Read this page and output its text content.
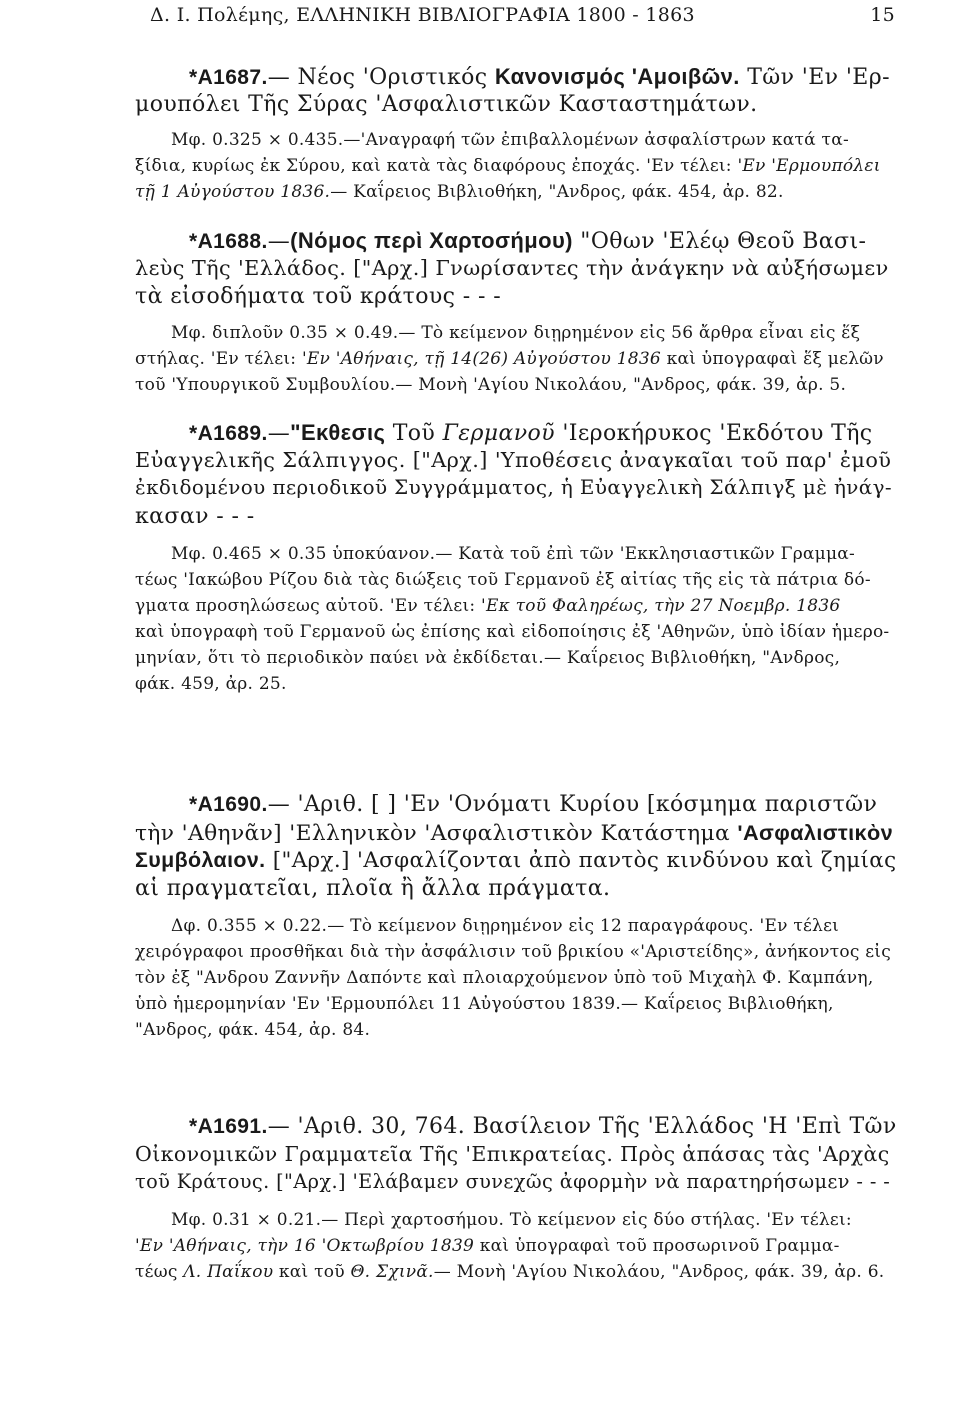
Δ. Ι. Πολέμης, ΕΛΛΗΝΙΚΗ ΒΙΒΛΙΟΓΡΑΦΙΑ 1800 - 1863	15
*Α1687.— Νέος 'Οριστικός Κανονισμός 'Αμοιβῶν. Τῶν 'Εν 'Ερ-
μουπόλει Τῆς Σύρας 'Ασφαλιστικῶν Κασταστημάτων.
Μφ. 0.325 × 0.435.—'Αναγραφή τῶν ἐπιβαλλομένων ἀσφαλίστρων κατά τα-
ξίδια, κυρίως ἐκ Σύρου, καὶ κατὰ τὰς διαφόρους ἐποχάς. 'Εν τέλει: 'Εν 'Ερμουπόλει
τῇ 1 Αὐγούστου 1836.— Καΐρειος Βιβλιοθήκη, "Ανδρος, φάκ. 454, ἀρ. 82.
*Α1688.—(Νόμος περὶ Χαρτοσήμου) "Οθων 'Ελέῳ Θεοῦ Βασι-
λεὺς Τῆς 'Ελλάδος. ["Αρχ.] Γνωρίσαντες τὴν ἀνάγκην νὰ αὐξήσωμεν
τὰ εἰσοδήματα τοῦ κράτους - - -
Μφ. διπλοῦν 0.35 × 0.49.— Τὸ κείμενον διῃρημένον εἰς 56 ἄρθρα εἶναι εἰς ἕξ
στήλας. 'Εν τέλει: 'Εν 'Αθήναις, τῇ 14(26) Αὐγούστου 1836 καὶ ὑπογραφαὶ ἕξ μελῶν
τοῦ 'Υπουργικοῦ Συμβουλίου.— Μονὴ 'Αγίου Νικολάου, "Ανδρος, φάκ. 39, ἀρ. 5.
*Α1689.—"Εκθεσις Τοῦ Γερμανοῦ 'Ιεροκήρυκος 'Εκδότου Τῆς
Εὐαγγελικῆς Σάλπιγγος. ["Αρχ.] 'Υποθέσεις ἀναγκαῖαι τοῦ παρ' ἐμοῦ
ἐκδιδομένου περιοδικοῦ Συγγράμματος, ἡ Εὐαγγελικὴ Σάλπιγξ μὲ ἠνάγ-
κασαν - - -
Μφ. 0.465 × 0.35 ὑποκύανον.— Κατὰ τοῦ ἐπὶ τῶν 'Εκκλησιαστικῶν Γραμμα-
τέως 'Ιακώβου Ρίζου διὰ τὰς διώξεις τοῦ Γερμανοῦ ἐξ αἰτίας τῆς εἰς τὰ πάτρια δό-
γματα προσηλώσεως αὐτοῦ. 'Εν τέλει: 'Εκ τοῦ Φαληρέως, τὴν 27 Νοεμβρ. 1836
καὶ ὑπογραφὴ τοῦ Γερμανοῦ ὡς ἐπίσης καὶ εἰδοποίησις ἐξ 'Αθηνῶν, ὑπὸ ἰδίαν ἡμερο-
μηνίαν, ὅτι τὸ περιοδικὸν παύει νὰ ἐκδίδεται.— Καΐρειος Βιβλιοθήκη, "Ανδρος,
φάκ. 459, ἀρ. 25.
*Α1690.— 'Αριθ. [ ] 'Εν 'Ονόματι Κυρίου [κόσμημα παριστῶν
τὴν 'Αθηνᾶν] 'Ελληνικὸν 'Ασφαλιστικὸν Κατάστημα 'Ασφαλιστικὸν
Συμβόλαιον. ["Αρχ.] 'Ασφαλίζονται ἀπὸ παντὸς κινδύνου καὶ ζημίας
αἱ πραγματεῖαι, πλοῖα ἢ ἄλλα πράγματα.
Δφ. 0.355 × 0.22.— Τὸ κείμενον διῃρημένον εἰς 12 παραγράφους. 'Εν τέλει
χειρόγραφοι προσθῆκαι διὰ τὴν ἀσφάλισιν τοῦ βρικίου «'Αριστείδης», ἀνήκοντος εἰς
τὸν ἐξ "Ανδρου Ζαννῆν Δαπόντε καὶ πλοιαρχούμενον ὑπὸ τοῦ Μιχαὴλ Φ. Καμπάνη,
ὑπὸ ἡμερομηνίαν 'Εν 'Ερμουπόλει 11 Αὐγούστου 1839.— Καΐρειος Βιβλιοθήκη,
"Ανδρος, φάκ. 454, ἀρ. 84.
*Α1691.— 'Αριθ. 30, 764. Βασίλειον Τῆς 'Ελλάδος 'Η 'Επὶ Τῶν
Οἰκονομικῶν Γραμματεῖα Τῆς 'Επικρατείας. Πρὸς ἁπάσας τὰς 'Αρχὰς
τοῦ Κράτους. ["Αρχ.] 'Ελάβαμεν συνεχῶς ἀφορμὴν νὰ παρατηρήσωμεν - - -
Μφ. 0.31 × 0.21.— Περὶ χαρτοσήμου. Τὸ κείμενον εἰς δύο στήλας. 'Εν τέλει:
'Εν 'Αθήναις, τὴν 16 'Οκτωβρίου 1839 καὶ ὑπογραφαὶ τοῦ προσωρινοῦ Γραμμα-
τέως Λ. Παΐκου καὶ τοῦ Θ. Σχινᾶ.— Μονὴ 'Αγίου Νικολάου, "Ανδρος, φάκ. 39, ἀρ. 6.
